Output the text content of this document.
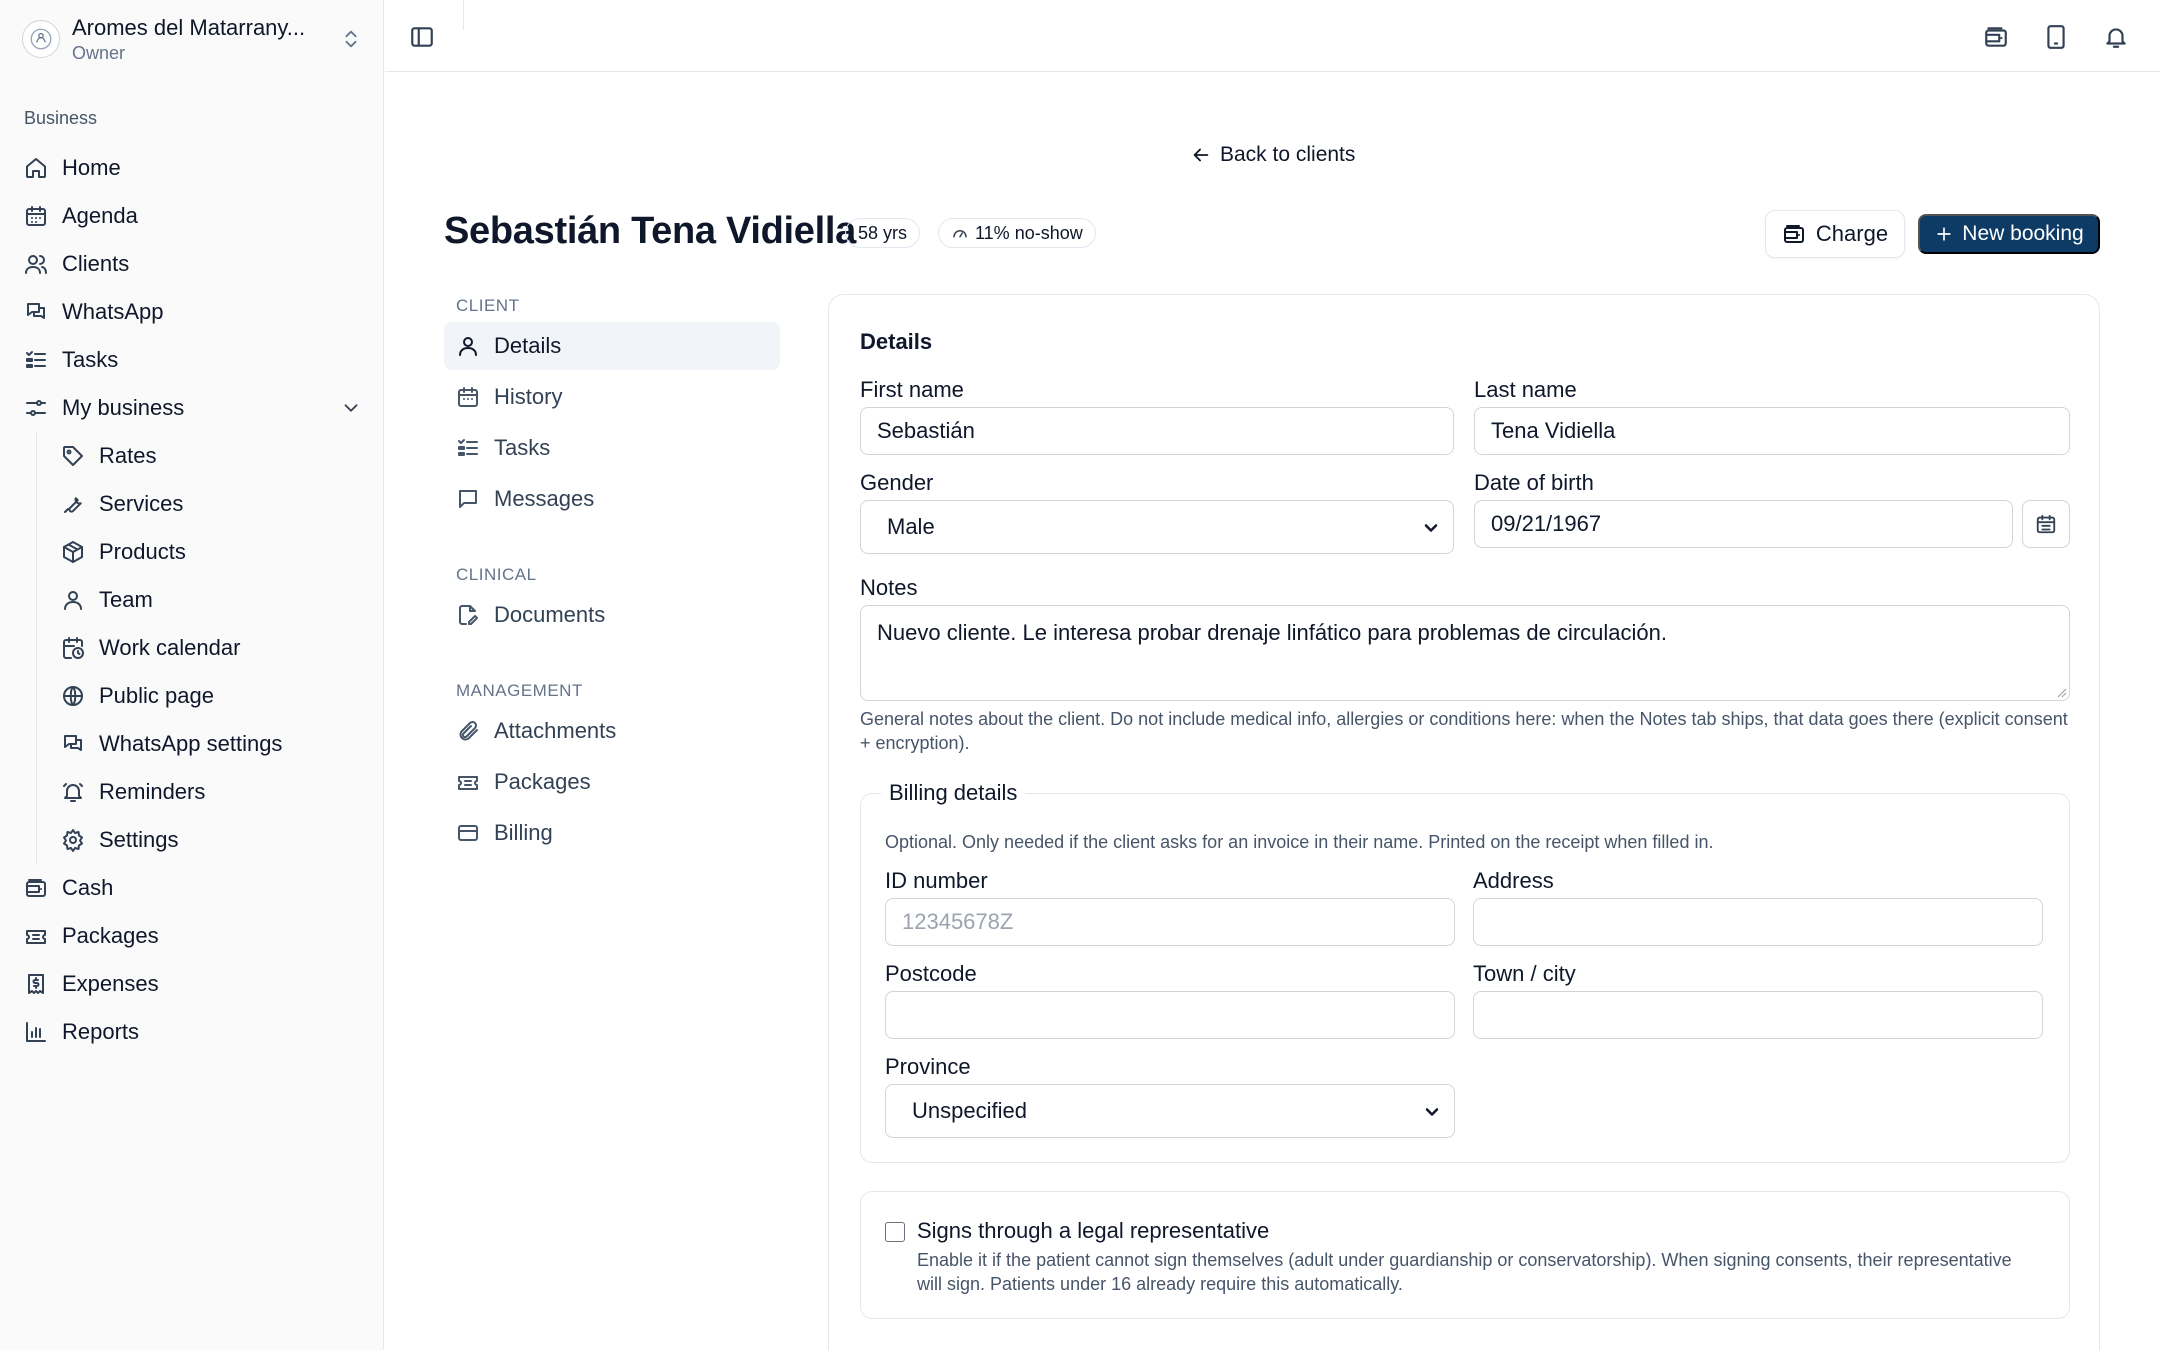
Aromes del Matarrany...
Owner
Business
Home
Agenda
Clients
WhatsApp
Tasks
My business
Rates
Services
Products
Team
Work calendar
Public page
WhatsApp settings
Reminders
Settings
Cash
Packages
Expenses
Reports
Back to clients
Sebastián Tena Vidiella 58 yrs	11% no-show	Charge	New booking
CLIENT
Details
History
Tasks
Messages
CLINICAL
Documents
MANAGEMENT
Attachments
Packages
Billing
Details
First name
Sebastián
Last name
Tena Vidiella
Gender
Male
Date of birth
09/21/1967
Notes
Nuevo cliente. Le interesa probar drenaje linfático para problemas de circulación.
General notes about the client. Do not include medical info, allergies or conditions here: when the Notes tab ships, that data goes there (explicit consent + encryption).
Billing details
Optional. Only needed if the client asks for an invoice in their name. Printed on the receipt when filled in.
ID number
12345678Z
Address
Postcode	Town / city
Province
Unspecified
Signs through a legal representative
Enable it if the patient cannot sign themselves (adult under guardianship or conservatorship). When signing consents, their representative will sign. Patients under 16 already require this automatically.
